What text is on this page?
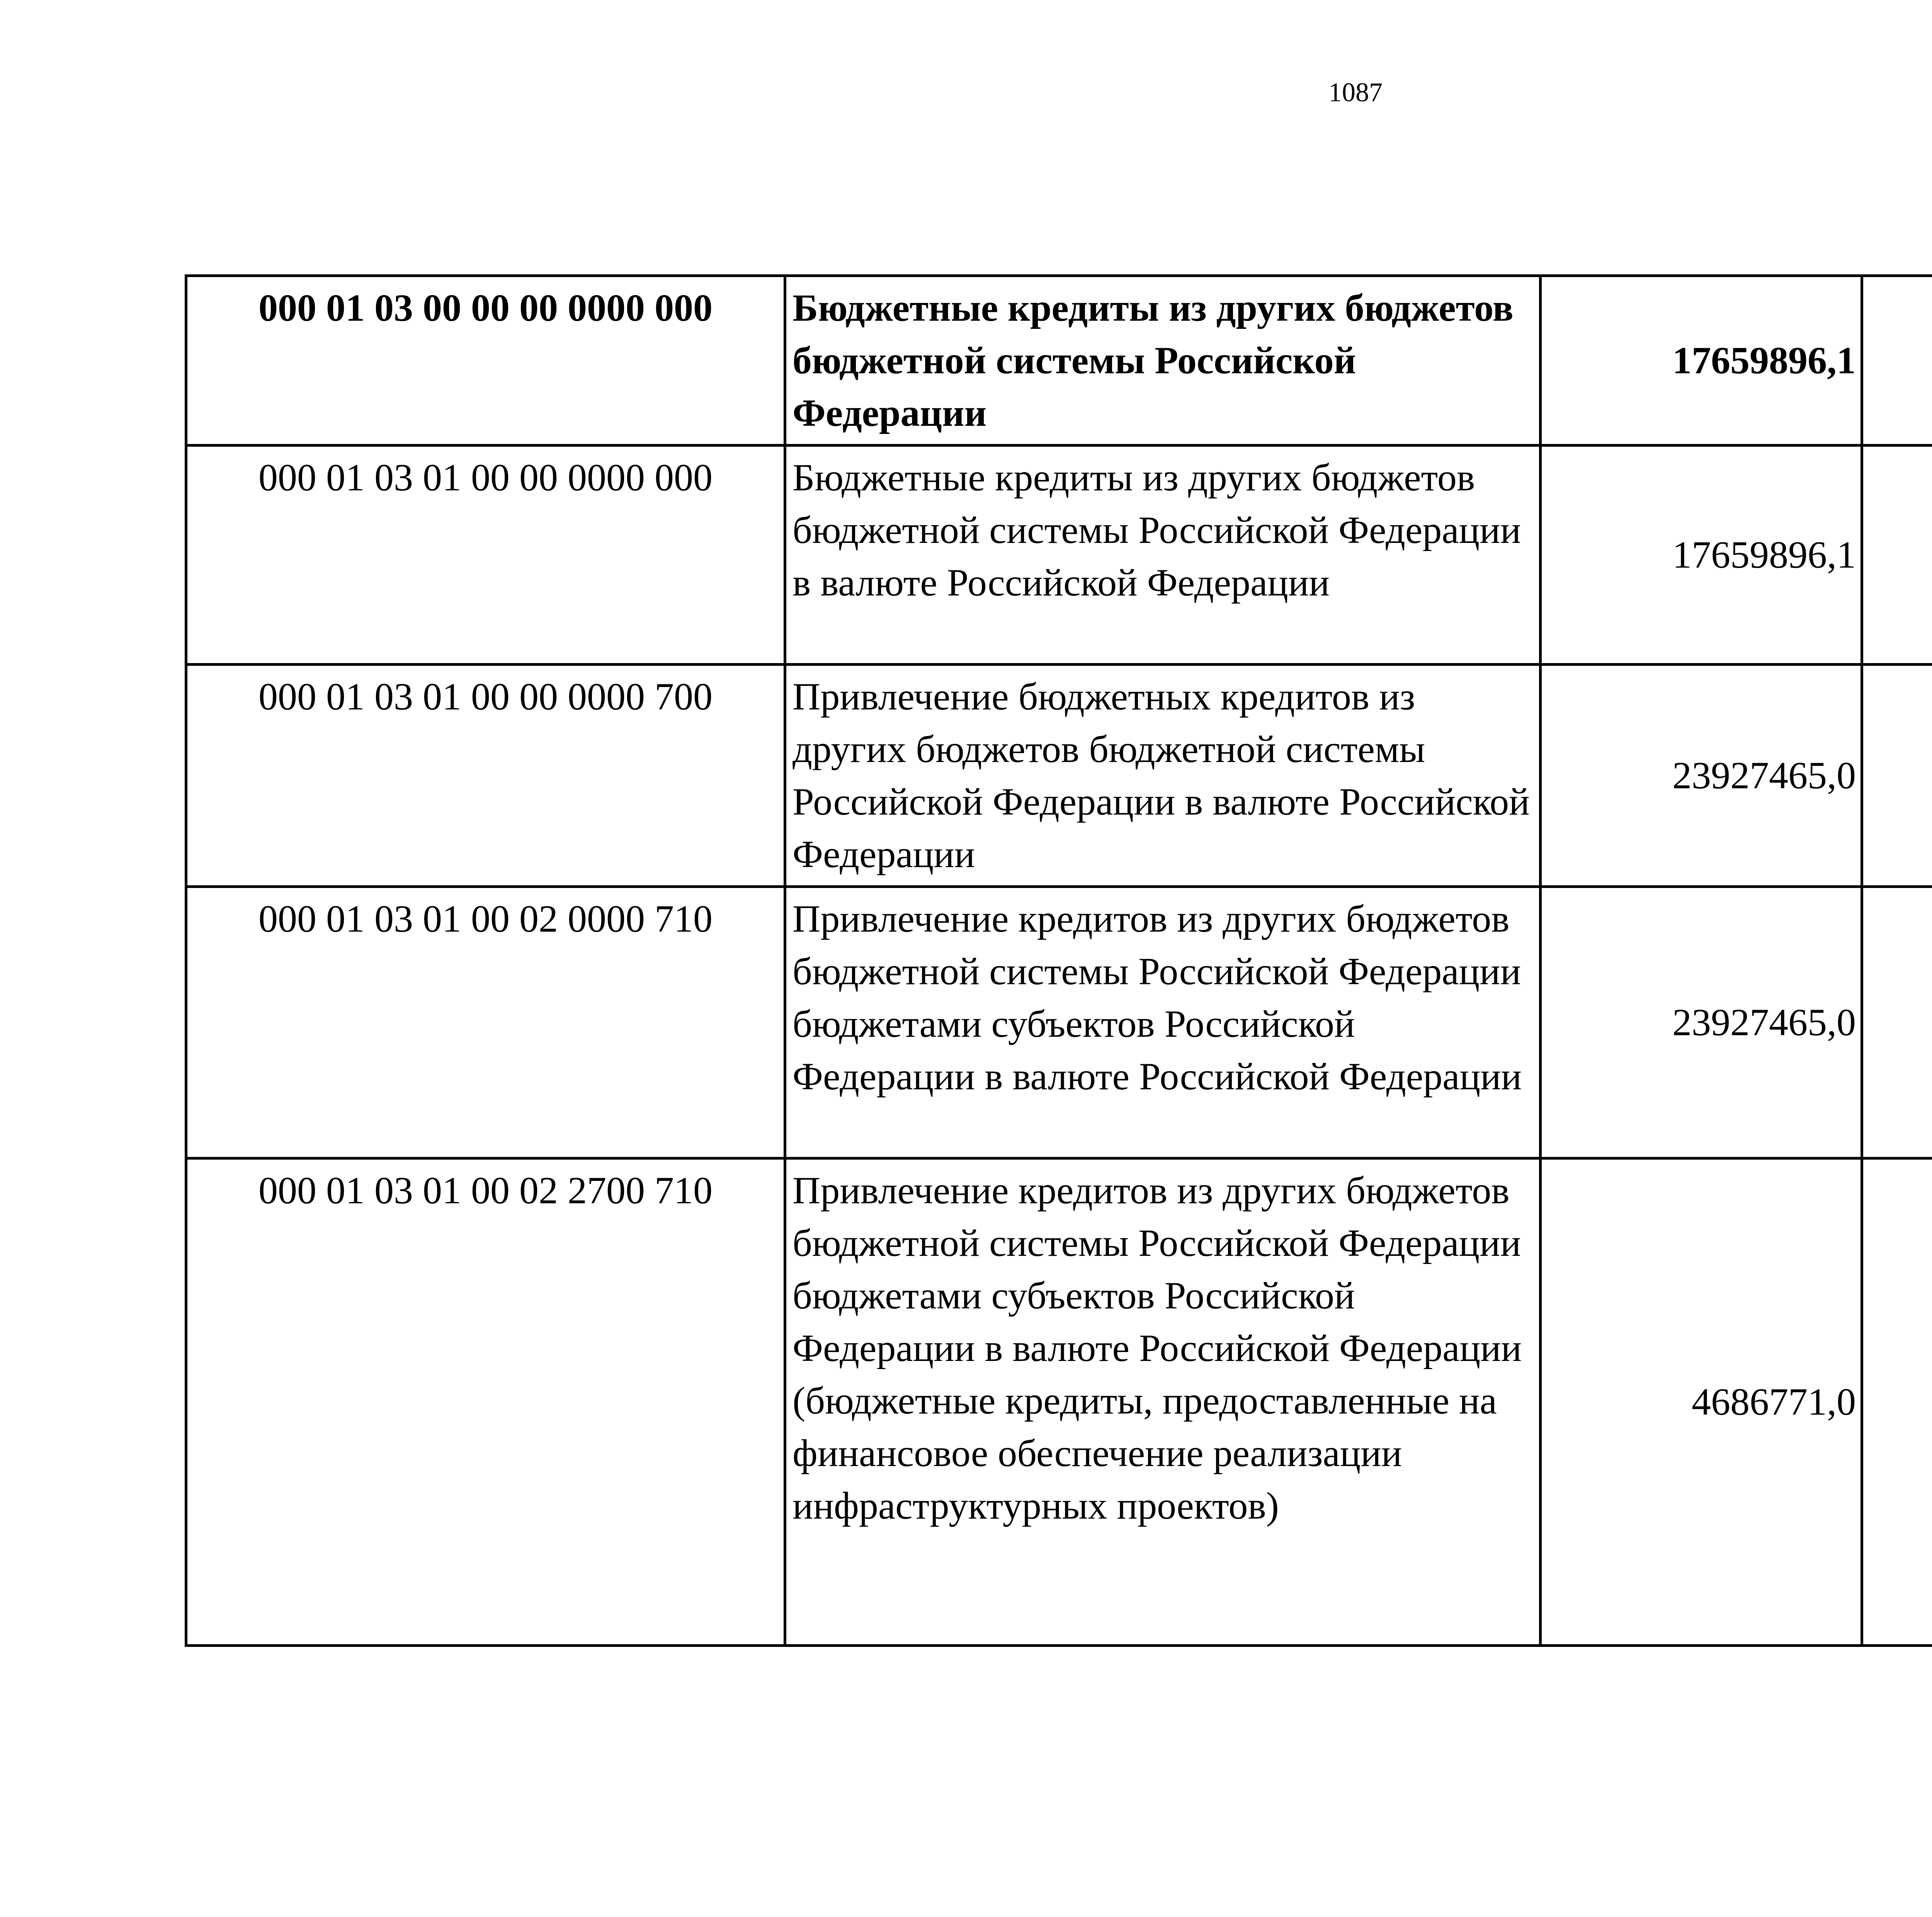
1087
000 01 03 00 00 00 0000 000	Бюджетные кредиты из других бюджетов бюджетной системы Российской Федерации	17659896,1		
000 01 03 01 00 00 0000 000	Бюджетные кредиты из других бюджетов бюджетной системы Российской Федерации в валюте Российской Федерации	17659896,1		
000 01 03 01 00 00 0000 700	Привлечение бюджетных кредитов из других бюджетов бюджетной системы Российской Федерации в валюте Российской Федерации	23927465,0		
000 01 03 01 00 02 0000 710	Привлечение кредитов из других бюджетов бюджетной системы Российской Федерации бюджетами субъектов Российской Федерации в валюте Российской Федерации	23927465,0		
000 01 03 01 00 02 2700 710	Привлечение кредитов из других бюджетов бюджетной системы Российской Федерации бюджетами субъектов Российской Федерации в валюте Российской Федерации (бюджетные кредиты, предоставленные на финансовое обеспечение реализации инфраструктурных проектов)	4686771,0		
